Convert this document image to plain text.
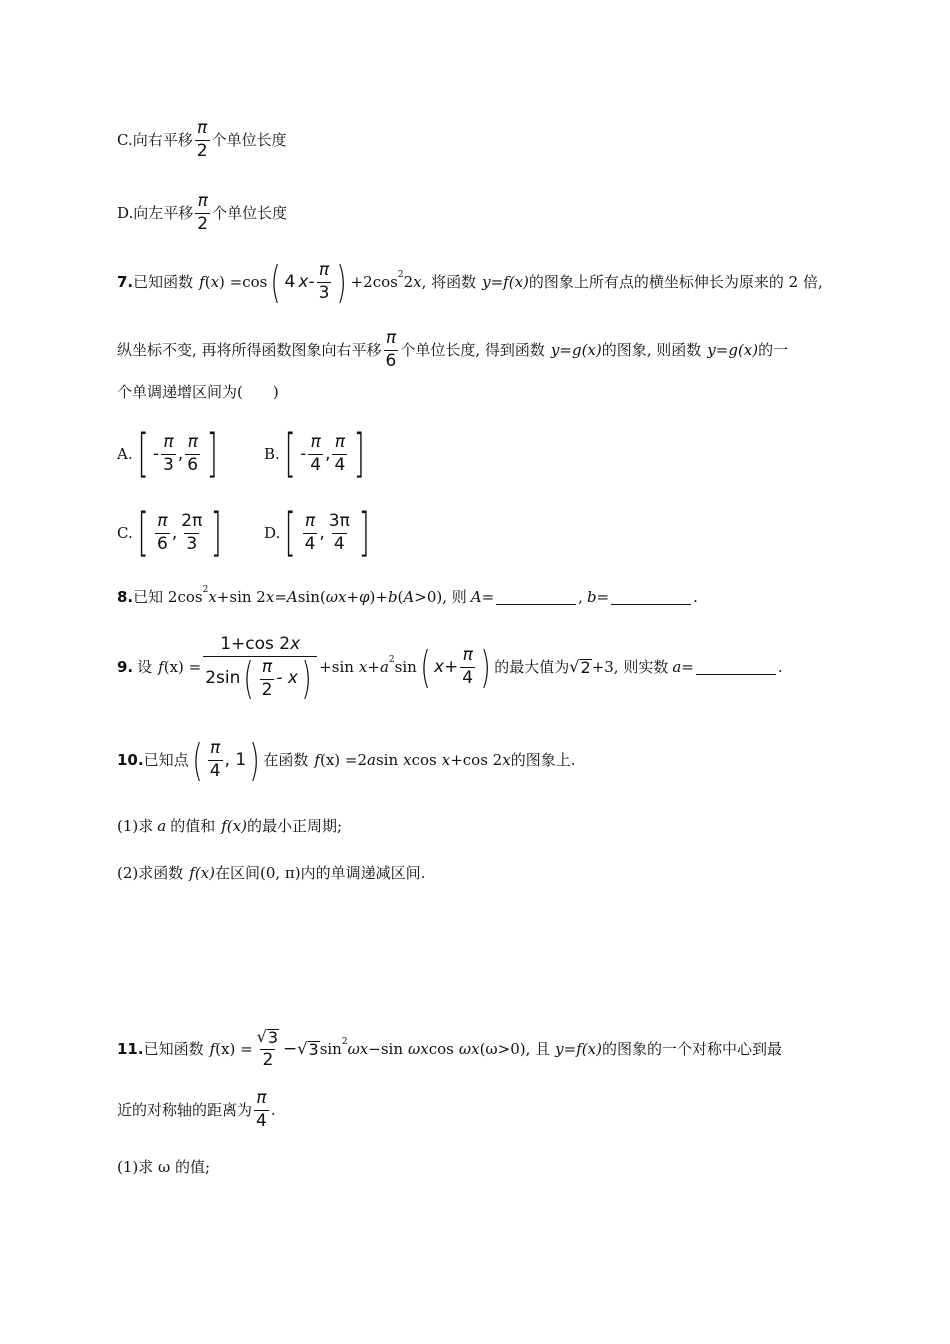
C. 向右平移 $\frac{\pi}{2}$ 个单位长度
D. 向左平移 $\frac{\pi}{2}$ 个单位长度
7. 已知函数 f ( x ) =cos ( 4 x - $\frac{\pi}{3}$ ) +2cos 2 2 x , 将函数 y=f (x) 的图象上所有点的横坐标伸长为原来的 2 倍,
纵坐标不变, 再将所得函数图象向右平移 $\frac{\pi}{6}$ 个单位长度, 得到函数 y=g (x) 的图象, 则函数 y=g (x) 的一
个单调递增区间为(　　)
A. [ - $\frac{\pi}{3}$ , $\frac{\pi}{6}$ ]	B. [ - $\frac{\pi}{4}$ , $\frac{\pi}{4}$ ]
C. [ $\frac{\pi}{6}$ , $\frac{2\pi}{3}$ ]	D. [ $\frac{\pi}{4}$ , $\frac{3\pi}{4}$ ]
8. 已知 2cos 2 x +sin 2 x = A sin( ωx+φ )+ b ( A >0), 则 A=	, b=	.
9. 设 f (x) =
1+cos 2x
2sin ( $\frac{\pi}{2}$ - x ) +sin x + a 2 sin ( $x + \frac{\pi}{4}$ ) 的最大值为 √ 2 +3, 则实数 a=	.
10. 已知点 ( $\frac{\pi}{4}$ , 1 ) 在函数 f (x) =2 a sin x cos x +cos 2 x 的图象上.
(1)求 a 的值和 f (x) 的最小正周期;
(2)求函数 f (x) 在区间(0, π)内的单调递减区间.
11. 已知函数 f $(x) = \frac{√ 3}{2}$ − √ 3 sin 2 ωx −sin ωx cos ωx (ω>0), 且 y=f (x) 的图象的一个对称中心到最
近的对称轴的距离为 $\frac{\pi}{4}$ .
(1)求 ω 的值;
